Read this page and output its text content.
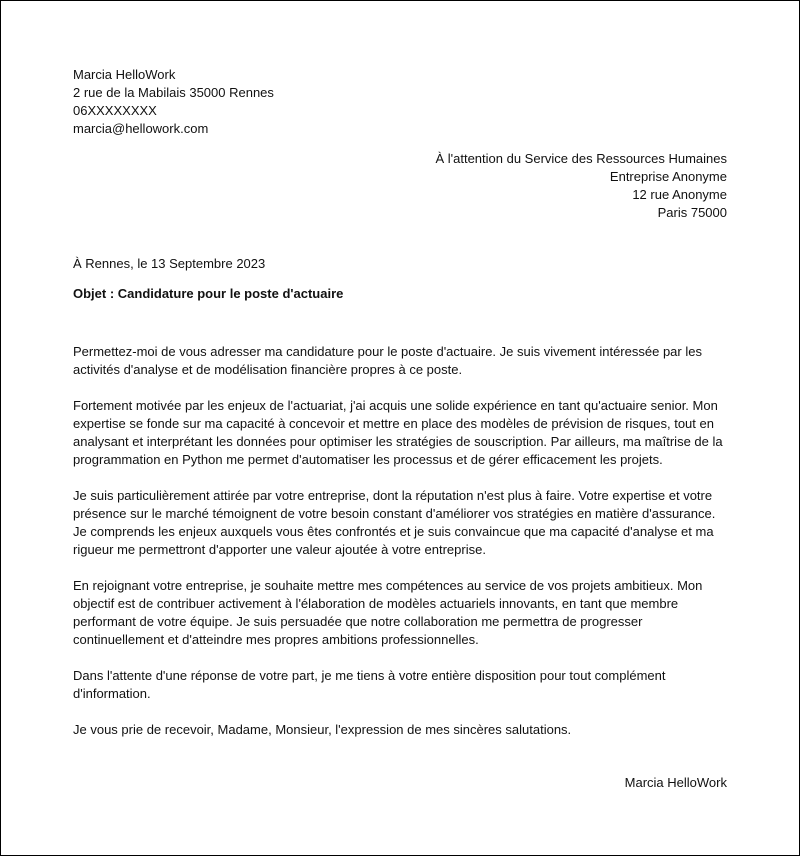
Marcia HelloWork
2 rue de la Mabilais 35000 Rennes
06XXXXXXXX
marcia@hellowork.com
À l'attention du Service des Ressources Humaines
Entreprise Anonyme
12 rue Anonyme
Paris 75000
À Rennes, le 13 Septembre 2023
Objet : Candidature pour le poste d'actuaire

Permettez-moi de vous adresser ma candidature pour le poste d'actuaire. Je suis vivement intéressée par les activités d'analyse et de modélisation financière propres à ce poste.

Fortement motivée par les enjeux de l'actuariat, j'ai acquis une solide expérience en tant qu'actuaire senior. Mon expertise se fonde sur ma capacité à concevoir et mettre en place des modèles de prévision de risques, tout en analysant et interprétant les données pour optimiser les stratégies de souscription. Par ailleurs, ma maîtrise de la programmation en Python me permet d'automatiser les processus et de gérer efficacement les projets.

Je suis particulièrement attirée par votre entreprise, dont la réputation n'est plus à faire. Votre expertise et votre présence sur le marché témoignent de votre besoin constant d'améliorer vos stratégies en matière d'assurance. Je comprends les enjeux auxquels vous êtes confrontés et je suis convaincue que ma capacité d'analyse et ma rigueur me permettront d'apporter une valeur ajoutée à votre entreprise.

En rejoignant votre entreprise, je souhaite mettre mes compétences au service de vos projets ambitieux. Mon objectif est de contribuer activement à l'élaboration de modèles actuariels innovants, en tant que membre performant de votre équipe. Je suis persuadée que notre collaboration me permettra de progresser continuellement et d'atteindre mes propres ambitions professionnelles.

Dans l'attente d'une réponse de votre part, je me tiens à votre entière disposition pour tout complément d'information.

Je vous prie de recevoir, Madame, Monsieur, l'expression de mes sincères salutations.

Marcia HelloWork
